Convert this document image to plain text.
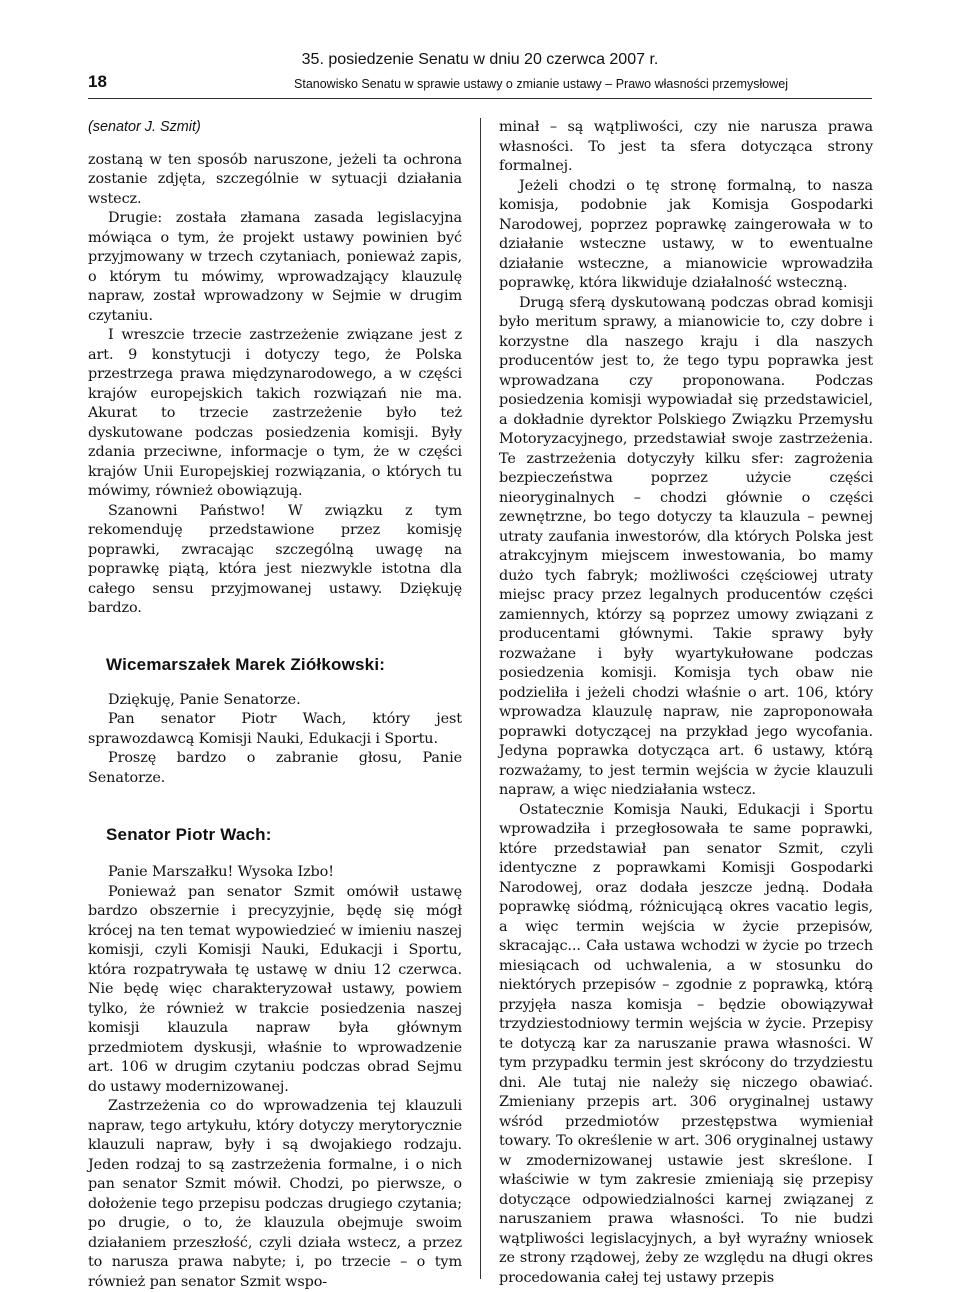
18
35. posiedzenie Senatu w dniu 20 czerwca 2007 r.
Stanowisko Senatu w sprawie ustawy o zmianie ustawy – Prawo własności przemysłowej
(senator J. Szmit)

zostaną w ten sposób naruszone, jeżeli ta ochrona zostanie zdjęta, szczególnie w sytuacji działania wstecz.

Drugie: została złamana zasada legislacyjna mówiąca o tym, że projekt ustawy powinien być przyjmowany w trzech czytaniach, ponieważ zapis, o którym tu mówimy, wprowadzający klauzulę napraw, został wprowadzony w Sejmie w drugim czytaniu.

I wreszcie trzecie zastrzeżenie związane jest z art. 9 konstytucji i dotyczy tego, że Polska przestrzega prawa międzynarodowego, a w części krajów europejskich takich rozwiązań nie ma. Akurat to trzecie zastrzeżenie było też dyskutowane podczas posiedzenia komisji. Były zdania przeciwne, informacje o tym, że w części krajów Unii Europejskiej rozwiązania, o których tu mówimy, również obowiązują.

Szanowni Państwo! W związku z tym rekomenduję przedstawione przez komisję poprawki, zwracając szczególną uwagę na poprawkę piątą, która jest niezwykle istotna dla całego sensu przyjmowanej ustawy. Dziękuję bardzo.

Wicemarszałek Marek Ziółkowski:

Dziękuję, Panie Senatorze.

Pan senator Piotr Wach, który jest sprawozdawcą Komisji Nauki, Edukacji i Sportu.

Proszę bardzo o zabranie głosu, Panie Senatorze.

Senator Piotr Wach:

Panie Marszałku! Wysoka Izbo!

Ponieważ pan senator Szmit omówił ustawę bardzo obszernie i precyzyjnie, będę się mógł krócej na ten temat wypowiedzieć w imieniu naszej komisji, czyli Komisji Nauki, Edukacji i Sportu, która rozpatrywała tę ustawę w dniu 12 czerwca. Nie będę więc charakteryzował ustawy, powiem tylko, że również w trakcie posiedzenia naszej komisji klauzula napraw była głównym przedmiotem dyskusji, właśnie to wprowadzenie art. 106 w drugim czytaniu podczas obrad Sejmu do ustawy modernizowanej.

Zastrzeżenia co do wprowadzenia tej klauzuli napraw, tego artykułu, który dotyczy merytorycznie klauzuli napraw, były i są dwojakiego rodzaju. Jeden rodzaj to są zastrzeżenia formalne, i o nich pan senator Szmit mówił. Chodzi, po pierwsze, o dołożenie tego przepisu podczas drugiego czytania; po drugie, o to, że klauzula obejmuje swoim działaniem przeszłość, czyli działa wstecz, a przez to narusza prawa nabyte; i, po trzecie – o tym również pan senator Szmit wspo-

minał – są wątpliwości, czy nie narusza prawa własności. To jest ta sfera dotycząca strony formalnej.

Jeżeli chodzi o tę stronę formalną, to nasza komisja, podobnie jak Komisja Gospodarki Narodowej, poprzez poprawkę zaingerowała w to działanie wsteczne ustawy, w to ewentualne działanie wsteczne, a mianowicie wprowadziła poprawkę, która likwiduje działalność wsteczną.

Drugą sferą dyskutowaną podczas obrad komisji było meritum sprawy, a mianowicie to, czy dobre i korzystne dla naszego kraju i dla naszych producentów jest to, że tego typu poprawka jest wprowadzana czy proponowana. Podczas posiedzenia komisji wypowiadał się przedstawiciel, a dokładnie dyrektor Polskiego Związku Przemysłu Motoryzacyjnego, przedstawiał swoje zastrzeżenia. Te zastrzeżenia dotyczyły kilku sfer: zagrożenia bezpieczeństwa poprzez użycie części nieoryginalnych – chodzi głównie o części zewnętrzne, bo tego dotyczy ta klauzula – pewnej utraty zaufania inwestorów, dla których Polska jest atrakcyjnym miejscem inwestowania, bo mamy dużo tych fabryk; możliwości częściowej utraty miejsc pracy przez legalnych producentów części zamiennych, którzy są poprzez umowy związani z producentami głównymi. Takie sprawy były rozważane i były wyartykułowane podczas posiedzenia komisji. Komisja tych obaw nie podzieliła i jeżeli chodzi właśnie o art. 106, który wprowadza klauzulę napraw, nie zaproponowała poprawki dotyczącej na przykład jego wycofania. Jedyna poprawka dotycząca art. 6 ustawy, którą rozważamy, to jest termin wejścia w życie klauzuli napraw, a więc niedziałania wstecz.

Ostatecznie Komisja Nauki, Edukacji i Sportu wprowadziła i przegłosowała te same poprawki, które przedstawiał pan senator Szmit, czyli identyczne z poprawkami Komisji Gospodarki Narodowej, oraz dodała jeszcze jedną. Dodała poprawkę siódmą, różnicującą okres vacatio legis, a więc termin wejścia w życie przepisów, skracając... Cała ustawa wchodzi w życie po trzech miesiącach od uchwalenia, a w stosunku do niektórych przepisów – zgodnie z poprawką, którą przyjęła nasza komisja – będzie obowiązywał trzydziestodniowy termin wejścia w życie. Przepisy te dotyczą kar za naruszanie prawa własności. W tym przypadku termin jest skrócony do trzydziestu dni. Ale tutaj nie należy się niczego obawiać. Zmieniany przepis art. 306 oryginalnej ustawy wśród przedmiotów przestępstwa wymieniał towary. To określenie w art. 306 oryginalnej ustawy w zmodernizowanej ustawie jest skreślone. I właściwie w tym zakresie zmieniają się przepisy dotyczące odpowiedzialności karnej związanej z naruszaniem prawa własności. To nie budzi wątpliwości legislacyjnych, a był wyraźny wniosek ze strony rządowej, żeby ze względu na długi okres procedowania całej tej ustawy przepis
